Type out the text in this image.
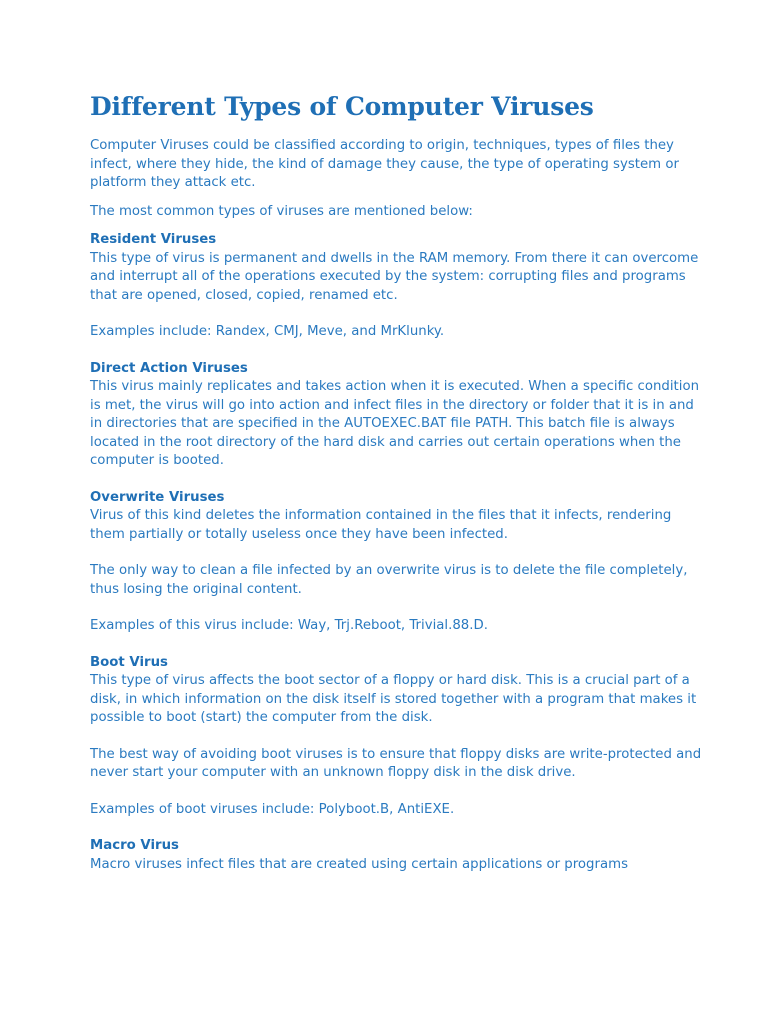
Different Types of Computer Viruses

Computer Viruses could be classified according to origin, techniques, types of files they infect, where they hide, the kind of damage they cause, the type of operating system or platform they attack etc.

The most common types of viruses are mentioned below:

Resident Viruses

This type of virus is permanent and dwells in the RAM memory. From there it can overcome and interrupt all of the operations executed by the system: corrupting files and programs that are opened, closed, copied, renamed etc.

Examples include: Randex, CMJ, Meve, and MrKlunky.

Direct Action Viruses

This virus mainly replicates and takes action when it is executed. When a specific condition is met, the virus will go into action and infect files in the directory or folder that it is in and in directories that are specified in the AUTOEXEC.BAT file PATH. This batch file is always located in the root directory of the hard disk and carries out certain operations when the computer is booted.

Overwrite Viruses

Virus of this kind deletes the information contained in the files that it infects, rendering them partially or totally useless once they have been infected.

The only way to clean a file infected by an overwrite virus is to delete the file completely, thus losing the original content.

Examples of this virus include: Way, Trj.Reboot, Trivial.88.D.

Boot Virus

This type of virus affects the boot sector of a floppy or hard disk. This is a crucial part of a disk, in which information on the disk itself is stored together with a program that makes it possible to boot (start) the computer from the disk.

The best way of avoiding boot viruses is to ensure that floppy disks are write-protected and never start your computer with an unknown floppy disk in the disk drive.

Examples of boot viruses include: Polyboot.B, AntiEXE.

Macro Virus

Macro viruses infect files that are created using certain applications or programs
